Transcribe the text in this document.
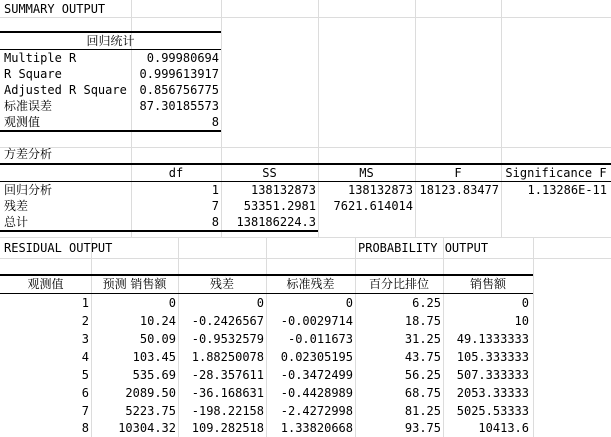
SUMMARY OUTPUT
回归统计
Multiple R	0.99980694
R Square	0.999613917
Adjusted R Square	0.856756775
标准误差	87.30185573
观测值	8
方差分析
df	SS	MS	F	Significance F
回归分析	1	138132873	138132873 18123.83477	1.13286E-11
残差	7	53351.2981	7621.614014
总计	8	138186224.3
RESIDUAL OUTPUT	PROBABILITY OUTPUT
观测值	预测 销售额	残差	标准残差	百分比排位	销售额
1	0	0	0	6.25	0
2	10.24	-0.2426567	-0.0029714	18.75	10
3	50.09	-0.9532579	-0.011673	31.25	49.1333333
4	103.45	1.88250078	0.02305195	43.75	105.333333
5	535.69	-28.357611	-0.3472499	56.25	507.333333
6	2089.50	-36.168631	-0.4428989	68.75	2053.33333
7	5223.75	-198.22158	-2.4272998	81.25	5025.53333
8	10304.32	109.282518	1.33820668	93.75	10413.6
